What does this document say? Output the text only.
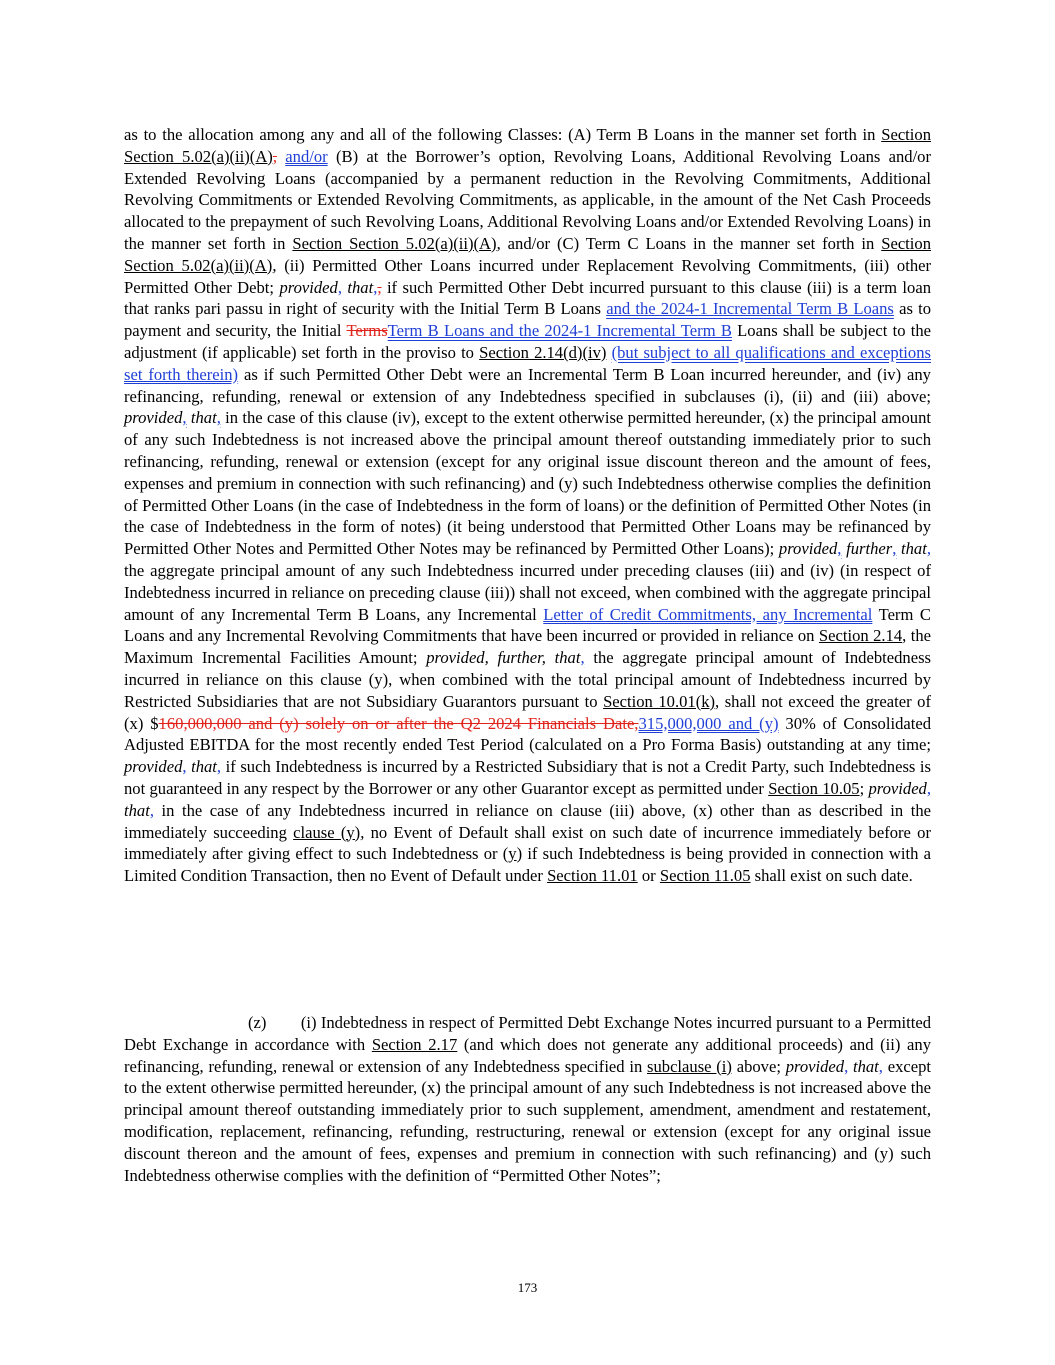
as to the allocation among any and all of the following Classes: (A) Term B Loans in the manner set forth in Section Section 5.02(a)(ii)(A), and/or (B) at the Borrower’s option, Revolving Loans, Additional Revolving Loans and/or Extended Revolving Loans (accompanied by a permanent reduction in the Revolving Commitments, Additional Revolving Commitments or Extended Revolving Commitments, as applicable, in the amount of the Net Cash Proceeds allocated to the prepayment of such Revolving Loans, Additional Revolving Loans and/or Extended Revolving Loans) in the manner set forth in Section Section 5.02(a)(ii)(A), and/or (C) Term C Loans in the manner set forth in Section Section 5.02(a)(ii)(A), (ii) Permitted Other Loans incurred under Replacement Revolving Commitments, (iii) other Permitted Other Debt; provided, that,, if such Permitted Other Debt incurred pursuant to this clause (iii) is a term loan that ranks pari passu in right of security with the Initial Term B Loans and the 2024-1 Incremental Term B Loans as to payment and security, the Initial TermsTerm B Loans and the 2024-1 Incremental Term B Loans shall be subject to the adjustment (if applicable) set forth in the proviso to Section 2.14(d)(iv) (but subject to all qualifications and exceptions set forth therein) as if such Permitted Other Debt were an Incremental Term B Loan incurred hereunder, and (iv) any refinancing, refunding, renewal or extension of any Indebtedness specified in subclauses (i), (ii) and (iii) above; provided, that, in the case of this clause (iv), except to the extent otherwise permitted hereunder, (x) the principal amount of any such Indebtedness is not increased above the principal amount thereof outstanding immediately prior to such refinancing, refunding, renewal or extension (except for any original issue discount thereon and the amount of fees, expenses and premium in connection with such refinancing) and (y) such Indebtedness otherwise complies the definition of Permitted Other Loans (in the case of Indebtedness in the form of loans) or the definition of Permitted Other Notes (in the case of Indebtedness in the form of notes) (it being understood that Permitted Other Loans may be refinanced by Permitted Other Notes and Permitted Other Notes may be refinanced by Permitted Other Loans); provided, further, that, the aggregate principal amount of any such Indebtedness incurred under preceding clauses (iii) and (iv) (in respect of Indebtedness incurred in reliance on preceding clause (iii)) shall not exceed, when combined with the aggregate principal amount of any Incremental Term B Loans, any Incremental Letter of Credit Commitments, any Incremental Term C Loans and any Incremental Revolving Commitments that have been incurred or provided in reliance on Section 2.14, the Maximum Incremental Facilities Amount; provided, further, that, the aggregate principal amount of Indebtedness incurred in reliance on this clause (y), when combined with the total principal amount of Indebtedness incurred by Restricted Subsidiaries that are not Subsidiary Guarantors pursuant to Section 10.01(k), shall not exceed the greater of (x) $160,000,000 and (y) solely on or after the Q2 2024 Financials Date,315,000,000 and (y) 30% of Consolidated Adjusted EBITDA for the most recently ended Test Period (calculated on a Pro Forma Basis) outstanding at any time; provided, that, if such Indebtedness is incurred by a Restricted Subsidiary that is not a Credit Party, such Indebtedness is not guaranteed in any respect by the Borrower or any other Guarantor except as permitted under Section 10.05; provided, that, in the case of any Indebtedness incurred in reliance on clause (iii) above, (x) other than as described in the immediately succeeding clause (y), no Event of Default shall exist on such date of incurrence immediately before or immediately after giving effect to such Indebtedness or (y) if such Indebtedness is being provided in connection with a Limited Condition Transaction, then no Event of Default under Section 11.01 or Section 11.05 shall exist on such date.
(z)        (i) Indebtedness in respect of Permitted Debt Exchange Notes incurred pursuant to a Permitted Debt Exchange in accordance with Section 2.17 (and which does not generate any additional proceeds) and (ii) any refinancing, refunding, renewal or extension of any Indebtedness specified in subclause (i) above; provided, that, except to the extent otherwise permitted hereunder, (x) the principal amount of any such Indebtedness is not increased above the principal amount thereof outstanding immediately prior to such supplement, amendment, amendment and restatement, modification, replacement, refinancing, refunding, restructuring, renewal or extension (except for any original issue discount thereon and the amount of fees, expenses and premium in connection with such refinancing) and (y) such Indebtedness otherwise complies with the definition of “Permitted Other Notes”;
173
